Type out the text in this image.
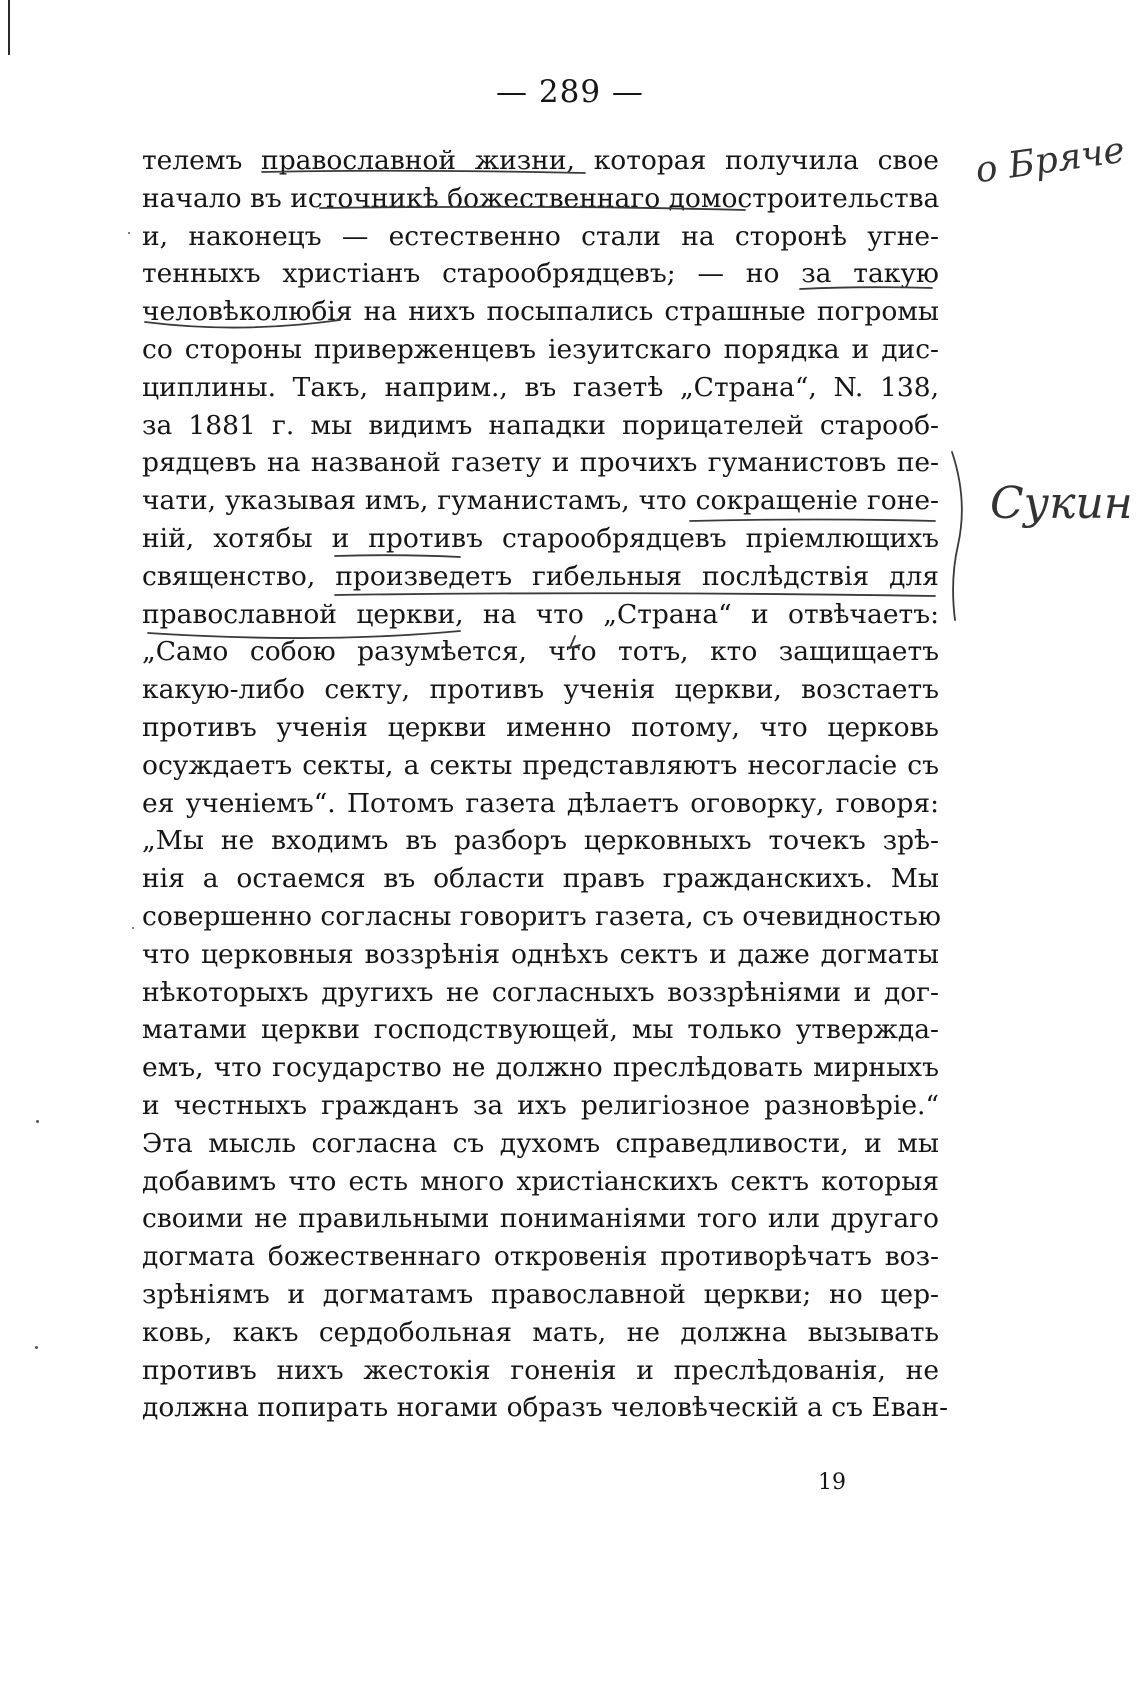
— 289 —
телемъ православной жизни, которая получила свое
начало въ источникѣ божественнаго домостроительства
и, наконецъ — естественно стали на сторонѣ угне-
тенныхъ христіанъ старообрядцевъ; — но за такую
человѣколюбія на нихъ посыпались страшные погромы
со стороны приверженцевъ іезуитскаго порядка и дис-
циплины. Такъ, наприм., въ газетѣ „Страна“, N. 138,
за 1881 г. мы видимъ нападки порицателей старооб-
рядцевъ на названой газету и прочихъ гуманистовъ пе-
чати, указывая имъ, гуманистамъ, что сокращеніе гоне-
ній, хотябы и противъ старообрядцевъ пріемлющихъ
священство, произведетъ гибельныя послѣдствія для
православной церкви, на что „Страна“ и отвѣчаетъ:
„Само собою разумѣется, что тотъ, кто защищаетъ
какую-либо секту, противъ ученія церкви, возстаетъ
противъ ученія церкви именно потому, что церковь
осуждаетъ секты, а секты представляютъ несогласіе съ
ея ученіемъ“. Потомъ газета дѣлаетъ оговорку, говоря:
„Мы не входимъ въ разборъ церковныхъ точекъ зрѣ-
нія а остаемся въ области правъ гражданскихъ. Мы
совершенно согласны говоритъ газета, съ очевидностью
что церковныя воззрѣнія однѣхъ сектъ и даже догматы
нѣкоторыхъ другихъ не согласныхъ воззрѣніями и дог-
матами церкви господствующей, мы только утвержда-
емъ, что государство не должно преслѣдовать мирныхъ
и честныхъ гражданъ за ихъ религіозное разновѣріе.“
Эта мысль согласна съ духомъ справедливости, и мы
добавимъ что есть много христіанскихъ сектъ которыя
своими не правильными пониманіями того или другаго
догмата божественнаго откровенія противорѣчатъ воз-
зрѣніямъ и догматамъ православной церкви; но цер-
ковь, какъ сердобольная мать, не должна вызывать
противъ нихъ жестокія гоненія и преслѣдованія, не
должна попирать ногами образъ человѣческій а съ Еван-
19
о Бряче
Сукин
